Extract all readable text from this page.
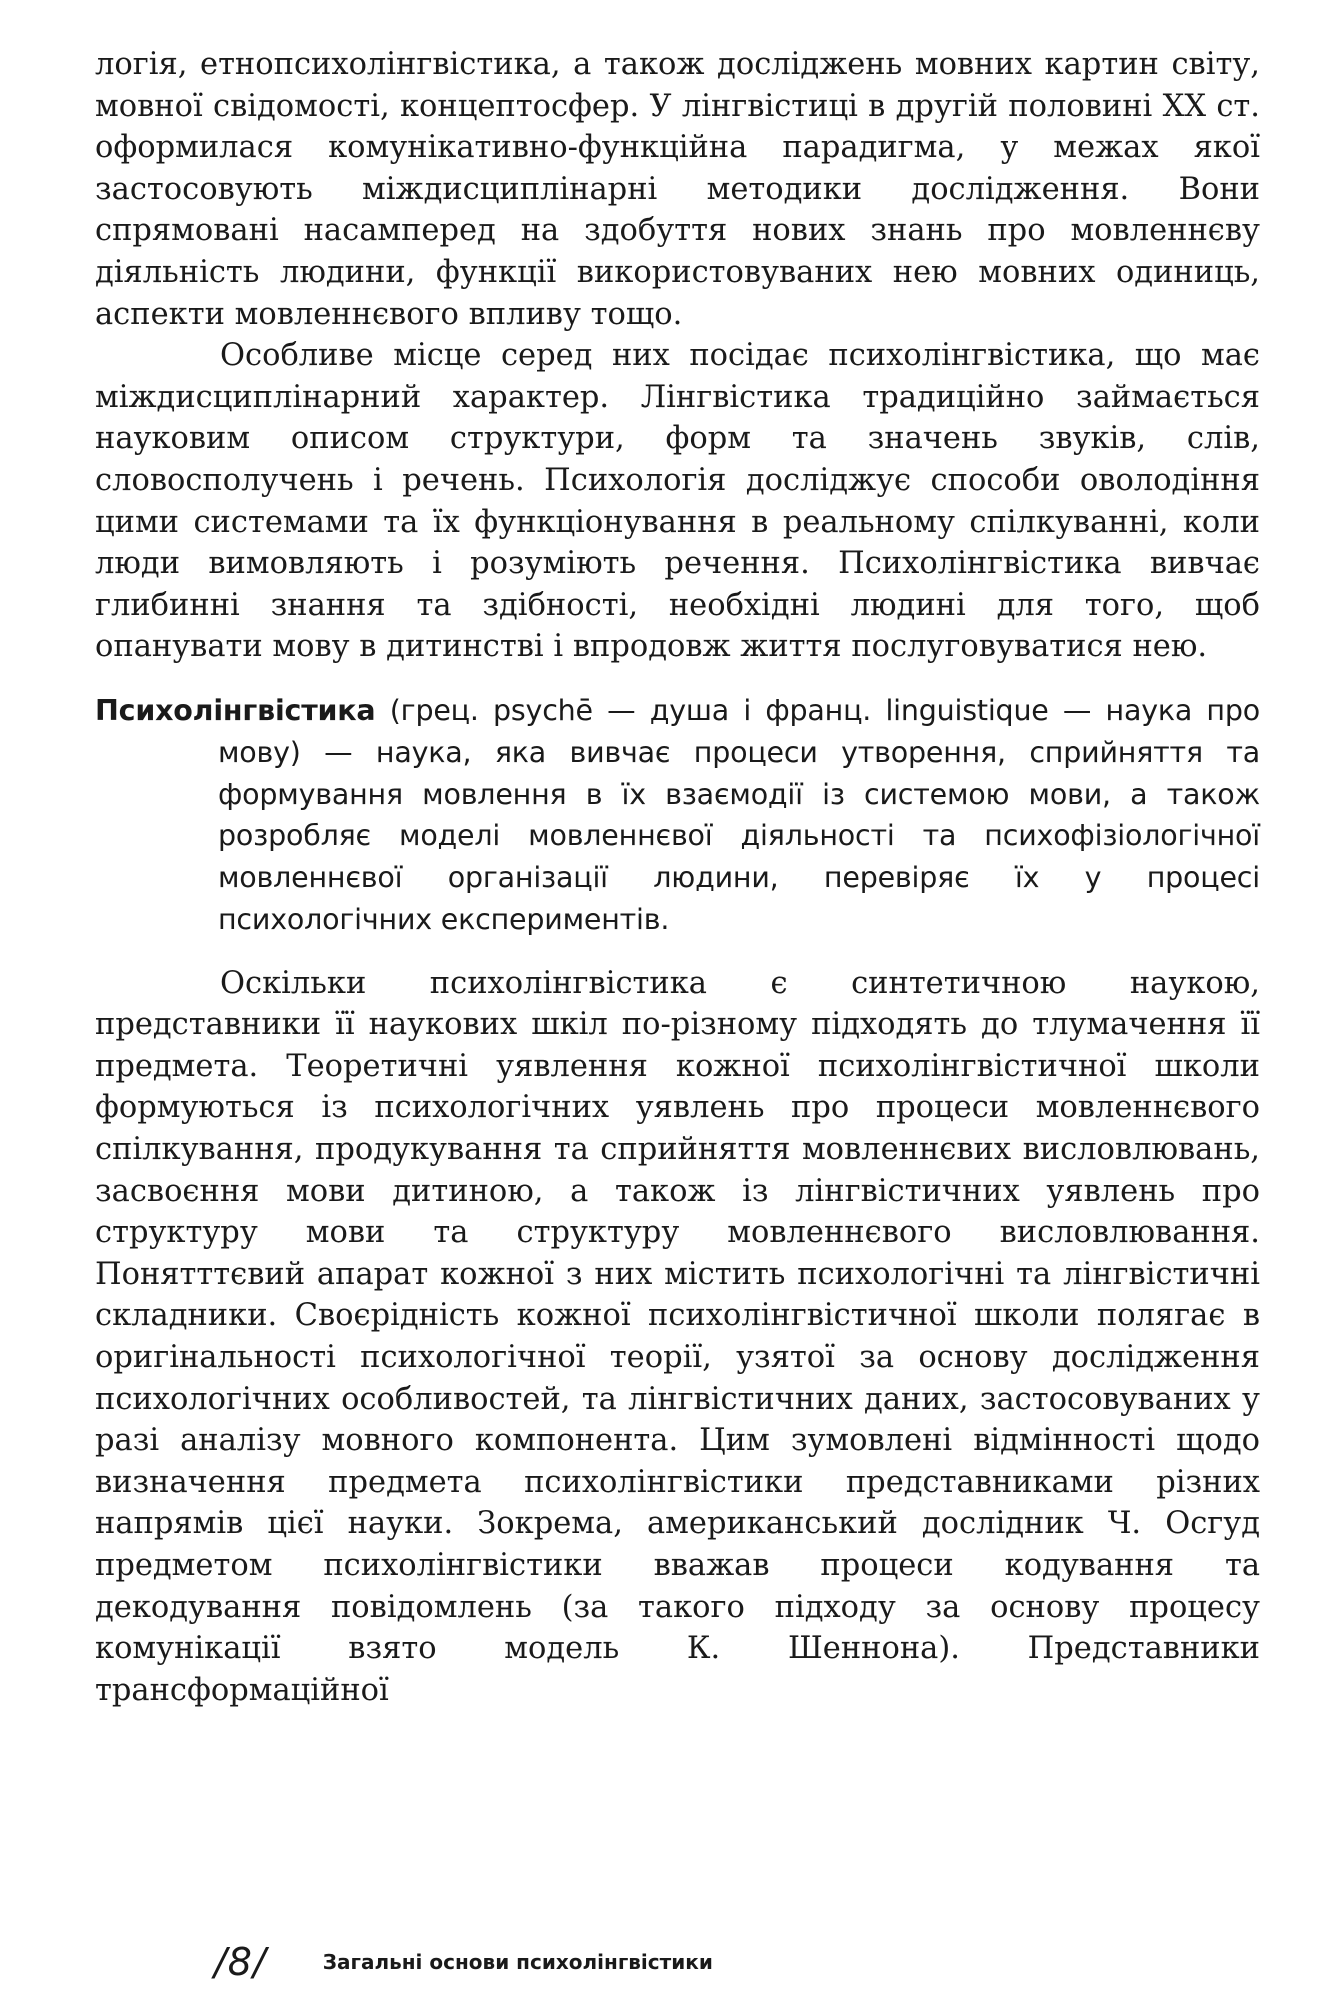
логія, етнопсихолінгвістика, а також досліджень мовних картин світу, мовної свідомості, концептосфер. У лінгвістиці в другій половині ХХ ст. оформилася комунікативно-функційна парадигма, у межах якої застосовують міждисциплінарні методики дослідження. Вони спрямовані насамперед на здобуття нових знань про мовленнєву діяльність людини, функції використовуваних нею мовних одиниць, аспекти мовленнєвого впливу тощо.

Особливе місце серед них посідає психолінгвістика, що має міждисциплінарний характер. Лінгвістика традиційно займається науковим описом структури, форм та значень звуків, слів, словосполучень і речень. Психологія досліджує способи оволодіння цими системами та їх функціонування в реальному спілкуванні, коли люди вимовляють і розуміють речення. Психолінгвістика вивчає глибинні знання та здібності, необхідні людині для того, щоб опанувати мову в дитинстві і впродовж життя послуговуватися нею.

Психолінгвістика (грец. psychē — душа і франц. linguistique — наука про мову) — наука, яка вивчає процеси утворення, сприйняття та формування мовлення в їх взаємодії із системою мови, а також розробляє моделі мовленнєвої діяльності та психофізіологічної мовленнєвої організації людини, перевіряє їх у процесі психологічних експериментів.

Оскільки психолінгвістика є синтетичною наукою, представники її наукових шкіл по-різному підходять до тлумачення її предмета. Теоретичні уявлення кожної психолінгвістичної школи формуються із психологічних уявлень про процеси мовленнєвого спілкування, продукування та сприйняття мовленнєвих висловлювань, засвоєння мови дитиною, а також із лінгвістичних уявлень про структуру мови та структуру мовленнєвого висловлювання. Понятттєвий апарат кожної з них містить психологічні та лінгвістичні складники. Своєрідність кожної психолінгвістичної школи полягає в оригінальності психологічної теорії, узятої за основу дослідження психологічних особливостей, та лінгвістичних даних, застосовуваних у разі аналізу мовного компонента. Цим зумовлені відмінності щодо визначення предмета психолінгвістики представниками різних напрямів цієї науки. Зокрема, американський дослідник Ч. Осгуд предметом психолінгвістики вважав процеси кодування та декодування повідомлень (за такого підходу за основу процесу комунікації взято модель К. Шеннона). Представники трансформаційної

/8/	Загальні основи психолінгвістики
